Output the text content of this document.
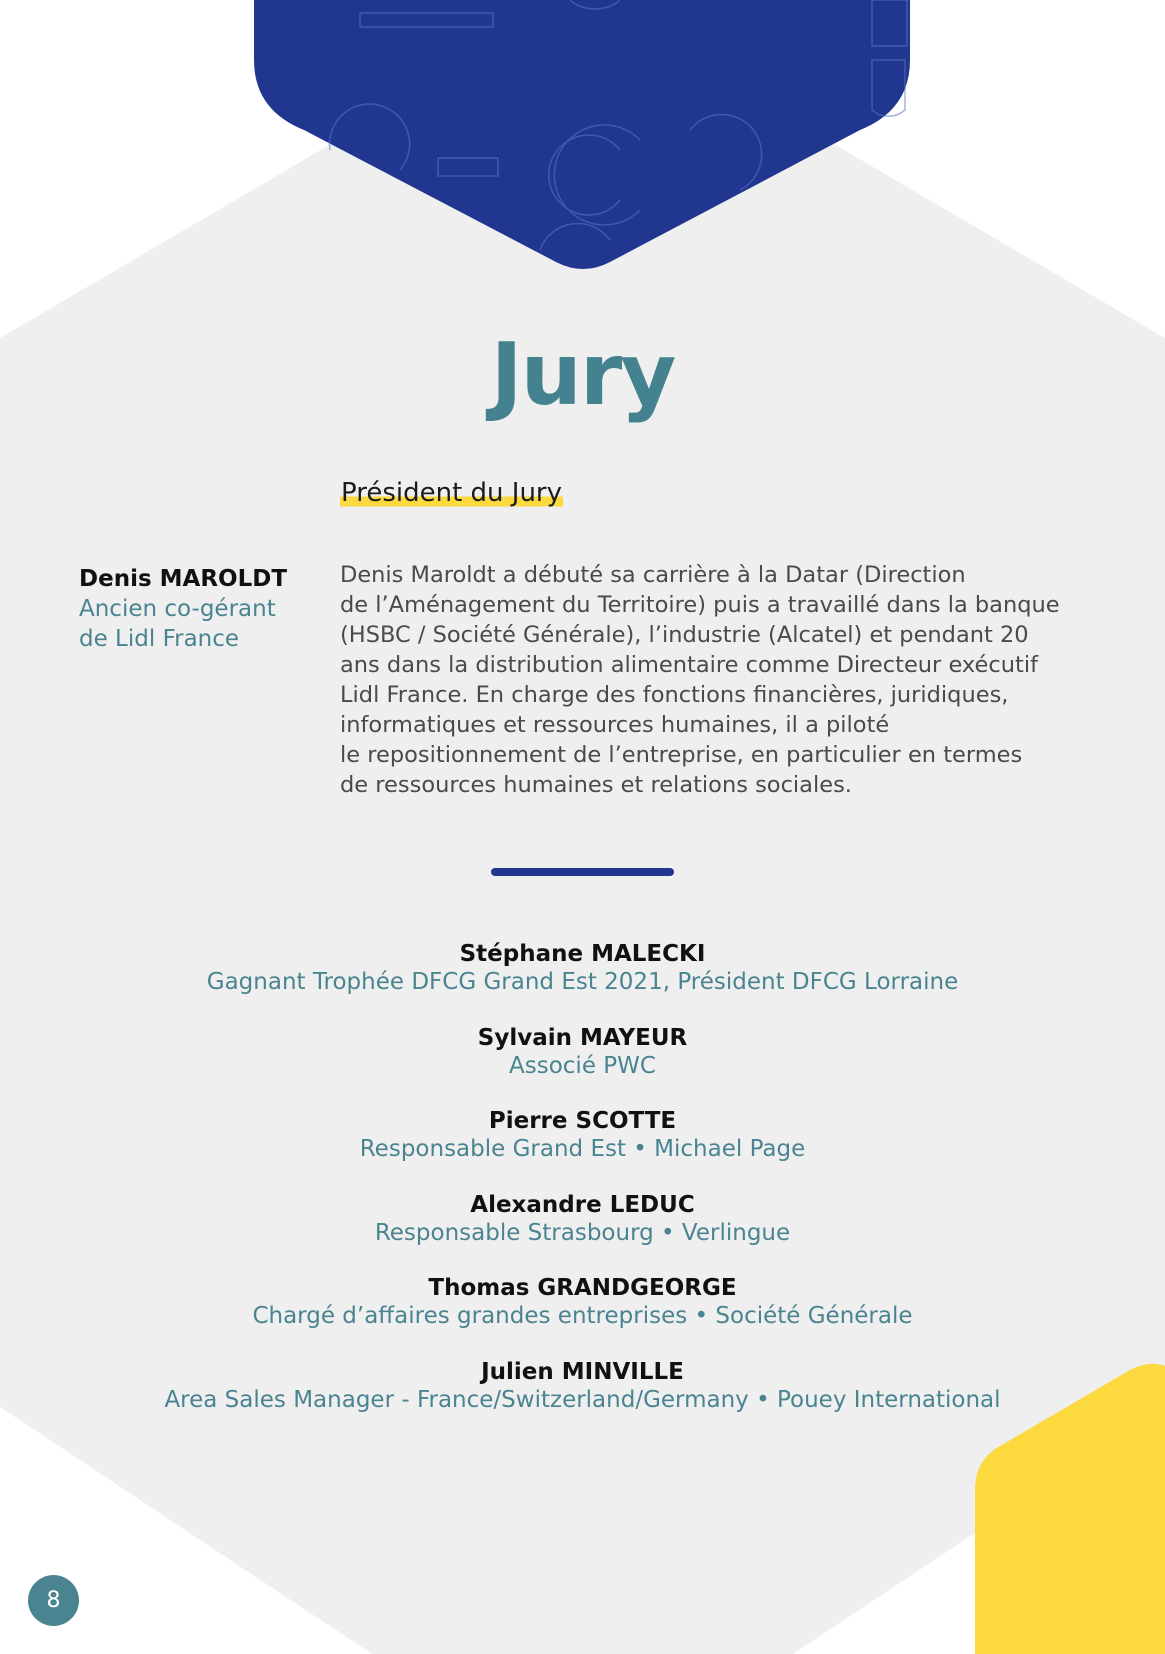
Jury
Président du Jury
Denis MAROLDT
Ancien co-gérant
de Lidl France
Denis Maroldt a débuté sa carrière à la Datar (Direction
de l’Aménagement du Territoire) puis a travaillé dans la banque
(HSBC / Société Générale), l’industrie (Alcatel) et pendant 20
ans dans la distribution alimentaire comme Directeur exécutif
Lidl France. En charge des fonctions financières, juridiques,
informatiques et ressources humaines, il a piloté
le repositionnement de l’entreprise, en particulier en termes
de ressources humaines et relations sociales.
Stéphane MALECKI
Gagnant Trophée DFCG Grand Est 2021, Président DFCG Lorraine
Sylvain MAYEUR
Associé PWC
Pierre SCOTTE
Responsable Grand Est • Michael Page
Alexandre LEDUC
Responsable Strasbourg • Verlingue
Thomas GRANDGEORGE
Chargé d’affaires grandes entreprises • Société Générale
Julien MINVILLE
Area Sales Manager - France/Switzerland/Germany • Pouey International
8
